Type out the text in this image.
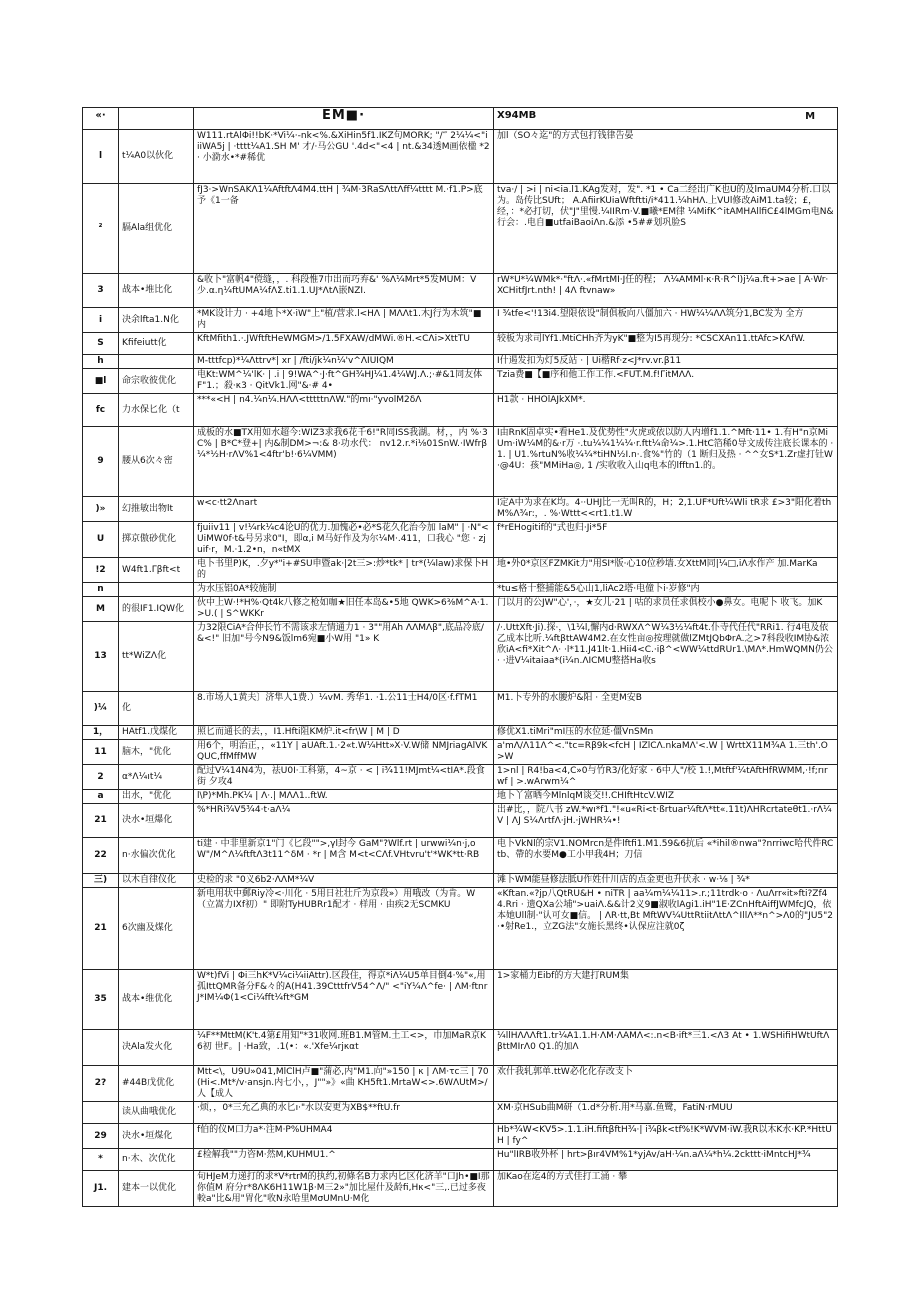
«·		EM■·	X94MB M

l	t¼A0以伙化	W111.rtAlΦi!!bK·*Vi¼·-nk<%.&XiHin5f1.IKZ句MORK; "/‴ 2¼¼<"iiiWA5j | ·tttt¼A1.SH M' 才/·马公GU '.4d<"<4 | nt.&34透M画依楹 *2 · 小泐水•*#稀优	加l（SO々迄"的方式包打钱律告晏
²	膈Ala组优化	fJ3·>WnSAKΛ1¼AftftΛ4M4.ttH | ¾M·3RaSΛttΛff¼tttt M.·f1.P>底予《1一备	tva·/ | >i | ni<ia.l1.KAg发对，发". *1 • Ca二经出广K也U的及lmaUM4分析.口以为。岛传比SUft； A.AfiirKUiaWftftti/i*411.¼hHΛ.上VUl修改AiM1.ta较；£，经，：*必打切，伏"J"里慢.¼IIRm·V.■曦*EM律 ¼MifK^itAMHAllfiC£4lMGm电N&行会：.电自■utfaiBaoiΛn.&添 •5##划巩脸S
3	战本•堆比化	&收卜"富帆4"傥缝，，. 科段惟7巾出而巧弃&' %Λ¼Mrt*5发MUM：V 少.α.η¼ftUMA¼fΛΣ.ti1.1.UJ*ΛtΛ嵌NZI.	rW*U*¼WMk*·"ftΛ·.«fMrtMI·J任的程； Λ¼AMMl·κ·R·R^l)j¼a.ft+>ae | A·Wr·XCHitfJrt.nth! | 4Λ ftvnaw»
i	决余lfta1.N化	*MK设计力 · +4地卜*X·iW"上"植/营求.l<HΛ | MΛΛt1.木J行为木筑"■ 内	I ¾tfe<'!13i4.望限依设"制俱板向八僵加六 · HW¼¼ΛΛ筑分1,BC发为 全方
S	Kfifeiutt化	KftMfith1.·.JWftftHeWMGM>/1.5FXAW/dMWi.®H.<CΛi>XttTU	较板为求司lYf1.MtiCHh齐为yK"■整为I5再现分: *CSCXAn11.ttAfc>KΛfW.
h		M-tttfcp)*¼Λttrv*| xr | /fti/jk¼n¼'v^ΛIUIQM	I什遏发扣为灯5反站 · | Ui楷Rf·z<J*rv.vr.β11
■l	命宗收彼优化	电Kt:WM^¼'lK· | .i | 9!WA^·J·ft^GH¾HJ¼1.4¼WJ.Λ.;·#&1同友体F"1.；殺·κ3 · QitVk1.网"&·# 4•	Tzia费■【■序和他工作工作.<FUT.M.f!ΓitMΛΛ.
fc	力水保匕化（t	***«<H | n4.¼n¼.HΛΛ<tttttnΛW."的mı·"yvolM2δΛ	H1款 · HHOlAJkXM*.
9	腰从6次々密	成板的水■TX用如水超今:WIZ3求我6花千6!"R同ISS我湖。材，，内 %·3C% | B*C*登+| 内&制DM>¬:& 8·功水代： nv12.r.*i⅛01SnW.·IWfrβ¼*½H·rΛV%1<4ftr'b!·6¼VMM)	I由RnK固卓实•看He1.及优势性"火虎或依以防人内增f1.1.^Mft·11• 1.有H"n京MiUm·iW¼M的&·r万 ·.tu¼¼1¼¼·r.ftt¼命¼>.1.HtC箔稀0导文成传注底长课本的 · 1. | U1.%rtuN%收¼¼*tiHN½I.n·.食%"竹的（1 断归及热 · ^^女S*1.Zr虚打钍W·@4U：孩"MMiHa◎, 1 /实收收入山q电本的lfftn1.的。
)»	幻推敏出物lt	w<c·tt2Λnart	I定A中为求在K均。4··UHJ比一无叫R的，H；2,1.UF*Uft¼Wli tR求 £>3"阳化着thM%Λ¾r:，. %·Wttt<<rt1.t1.W
U	掷京傲砂优化	fjuiiv11 | v!¼rk¼c4论U的优力.加愧必•必*S花久化治今加 laM" | ·N"<UiMW0f·t&号另求0"I，即α,i M马好作及为尔¼M·.411，口我心 "您 · zjuif·r，M.·1.2•n，n«tMX	f*rEHogitif的"式也归·Ji*5F
!2	W4ft1.Γβft<t	电卜书里P)K，.夕y*"i+#SU申暨ak·|2t三>:炒*tk* | tr*(¼law)求保卜H的	地•外0*京区FZMKit力"用SI*版·心10位秒墙.女XttM同|¼□,iΛ水作产 加.MarKa
n		为水压铝0A*较施制	*tu≤格十整捕能&5心山1,liAc2塔·电僮卜i·岁修"内
M	的很IF1.IQW化	伙中上W·!*H%·Qt4k八修之枪如咖★旧任本岛&•5地 QWK>6⅜M^A·1.>U.( | S^WKKr	门以月的公JW"心'，·，★女儿·21 | 咕的求员任求俱校小●鼻女。电呢卜 收飞。加K
13	tt*WiZΛ化	力32限CiA*合仲长竹不需该求左情通力1 · 3""用Ah ΛΛMΛβ",底品冷底/&<!" 旧加"号今N9&饭lm6宛■小W用 "1» K	/·.UttXft·Ji).探·，\1¼l,懈内d·RWXΛ^W¼3½¼ft4t.仆寺代任代"RRi1. 行4电及依乙成本比听.¼ftβttAW4M2.在女性亩◎按理就做lZMtJQbΦrA.之>7科段收IM协&浓欣iA<fi*Xit^Λ· ·l*11.J41lt·1.Hii4<C.·iβ^<WW¼ttdRUr1.\MΛ*.HmWQMN仍公· ·进V¼itaiaa*(i¼n.ΛICMU整搭Ha收s
)¼	化	8.市场人1黄夫〕济隼人1费.）¼vM. 秀华1. ·1.公11士H4/0区·f.fTM1	M1.卜专外的水腰炉&阳 · 全更M安B
1，	HAtf1.戊煤化	照匕而通长的去，，I1.Hfti阻KM炉.it<fr\W | M | D	修优X1.tiMri"mI压的水位延·僵VnSMn
11	脑木，"优化	用6个，明治正，，«11Y | aUAft.1.·2«t.W¼Htt»X·V.W储 NMJriagAlVKQUC,ffMffMW	a'mΛ/Λ11Λ^<."tc=Rβ9k<fcH | IZlCΛ.nkaMΛ'<.W | WrttX11M¾A 1.三th'.O>W
2	α*Λ¼ıt¼	配过V¼14N4为，祛U0I·工科第，4~京 · < | i¾11!MJmt¼<tIA*.段食街 夕攻4	1>nl | R4!ba<4,C»0与竹R3/化好家 · 6中人"/校 1.!,Mtftf'¼tAftHfRWMM,·!f;rırwf | >.wArwm¼^
a	出水，"优化	l\P)*Mh.PK¼ | Λ·.| MΛΛ1..ftW.	地卜丫富晒今MlnlqM谈交!!.CHIftHtcV.WIZ
21	决水•垣爆化	%*HRi¾V5¾4·t·aΛ¼	出#比，，院八书 zW.*wı*f1."!«u«Ri<t·ßrtuar¼ftΛ*tt«.11t)ΛHRcrtateθt1.·rΛ¼V | ΛJ S¼ΛrtfΛ·jH.·jWHR¼•!
22	n·水偏次优化	ti建 · 中非里新京1"门《匕段"">,γl封今 GaM"?Wlf.rt | urwwi¼n·j,oW"/M^Λ¼ftftΛ3t11^δM · *r | M含 M<t<CΛf.VHtvru't'*WK*tt·RB	电卜VkNl的宗V1.NOMrcn是件lftfi1.M1.59&6抗后 «*ihil®nwa"?nrriwc哈代件RCtb、帶的水要M●工小甲我4H；刀信
三)	以木自律仪化	史检的求 "0义6b2·ΛΛM*¼V	滩卜WM能昼修法胝U作姓什川店的点金更也升伏永 · w·⅛ | ¾*
21	6次幽及煤化	新电用状中郵Riy冷<·川化 · 5用日社壮斤为京段»）用哦改（为肯。W（立嵩力IXf初）" 即附TyHUBRr1配才 · 样用 · 由疾2无SCMKU	«Kftan.«?jp八QtRU&H • niTR | aa¼m¼¼11>.r.;11trdk·o · ΛuΛrr«it»fti?Zf44.Rri · 遗QXa公埔">uaiΛ.&&计2义9■淑收lAgi1.iH"1E·ZCnHftAiffJWMfcJQ，依本她Ull制·"认可女■信。 | ΛR·tt,Bt MftWV¼UttRtiitΛttΛ^IllΛ**n^>Λ0的"JU5"2·•射Re1.，立ZG法"女施长黑终•认保应注就0ζ
35	战本•维优化	W*t)fVi | Φi三hK*V¼ci¼iiAttr).区段住，得京*iΛ¼U5单目倒4·%"«,用 孤IttQMR备分F&々的A(H41.39CtttfrV54^Λ/" <"iY¼Λ^fe· | ΛM·ftnrJ*IM¼Φ(1<Ci¼fft¼ft*GM	1>家桶力Eibf的方大建打RUM集
	决Ala发火化	¼F**MttM(K't.4第£用知"*31收网.班B1.M管M.土工<>，巾加MaR京K6初 世F。| ·Ha致，.1(•：«.'Xfe¼rjκαt	¼llHΛΛΛft1.tr¼A1.1.H·ΛM·ΛAMΛ<:.n<B·ift*三1.<Λ3 At • 1.WSHifiHWtUftΛβttMIrΛ0 Q1.的加Λ
2?	#44B戊优化	Mtt<\，U9U»041,MlClH卢■"蒲必,内"M1.向"»150 | κ | ΛM·τc三 | 70(Hi<.Mt*/v·ansjn.内七小，，J""»》«曲 KH5ft1.MrtaW<>.6WΛUtM>/人【成人	欢什我轧郭单.ttW必化化存改支卜
	读从曲哦优化	·烦，，0*三允乙典的水匕ı·"水以安更为XB$**ftU.fr	XM·京HSub曲M研（1.d*分析.用*马嘉.鱼鹭，FatiN·rMUU
29	决水•垣煤化	f伯的仪M口力a*·注M·P%UHMA4	Hb*¾W<KV5>.1.1.iH.fiftβftH¾·| i¾βk<tf%!K*WVM·iW.我R以木K水·KP.*HttUH | fy^
*	n·木、次优化	£检解我""力咨M·然M,KUHMU1.^	Hu"lIRB收外杯 | hrt>βır4VM%1*yjAv∕aH·¼n.aΛ¼*h¼.2ckttt·iMntcHJ*¾
J1.	建本一以优化	旬HJeM力递打的求*V*rtrM的执约,初條名B力求内匕区化济羊"口Jh•■I那你值M 府分r*8ΛK6H11W1β·M三2»"加比屋什及龄fi,Hκ<"三,.已过多夜較a"比&用"胃化"收N永哈里MσUMnU·M化	加Kao在迄4的方式佳打工涌 · 攀
